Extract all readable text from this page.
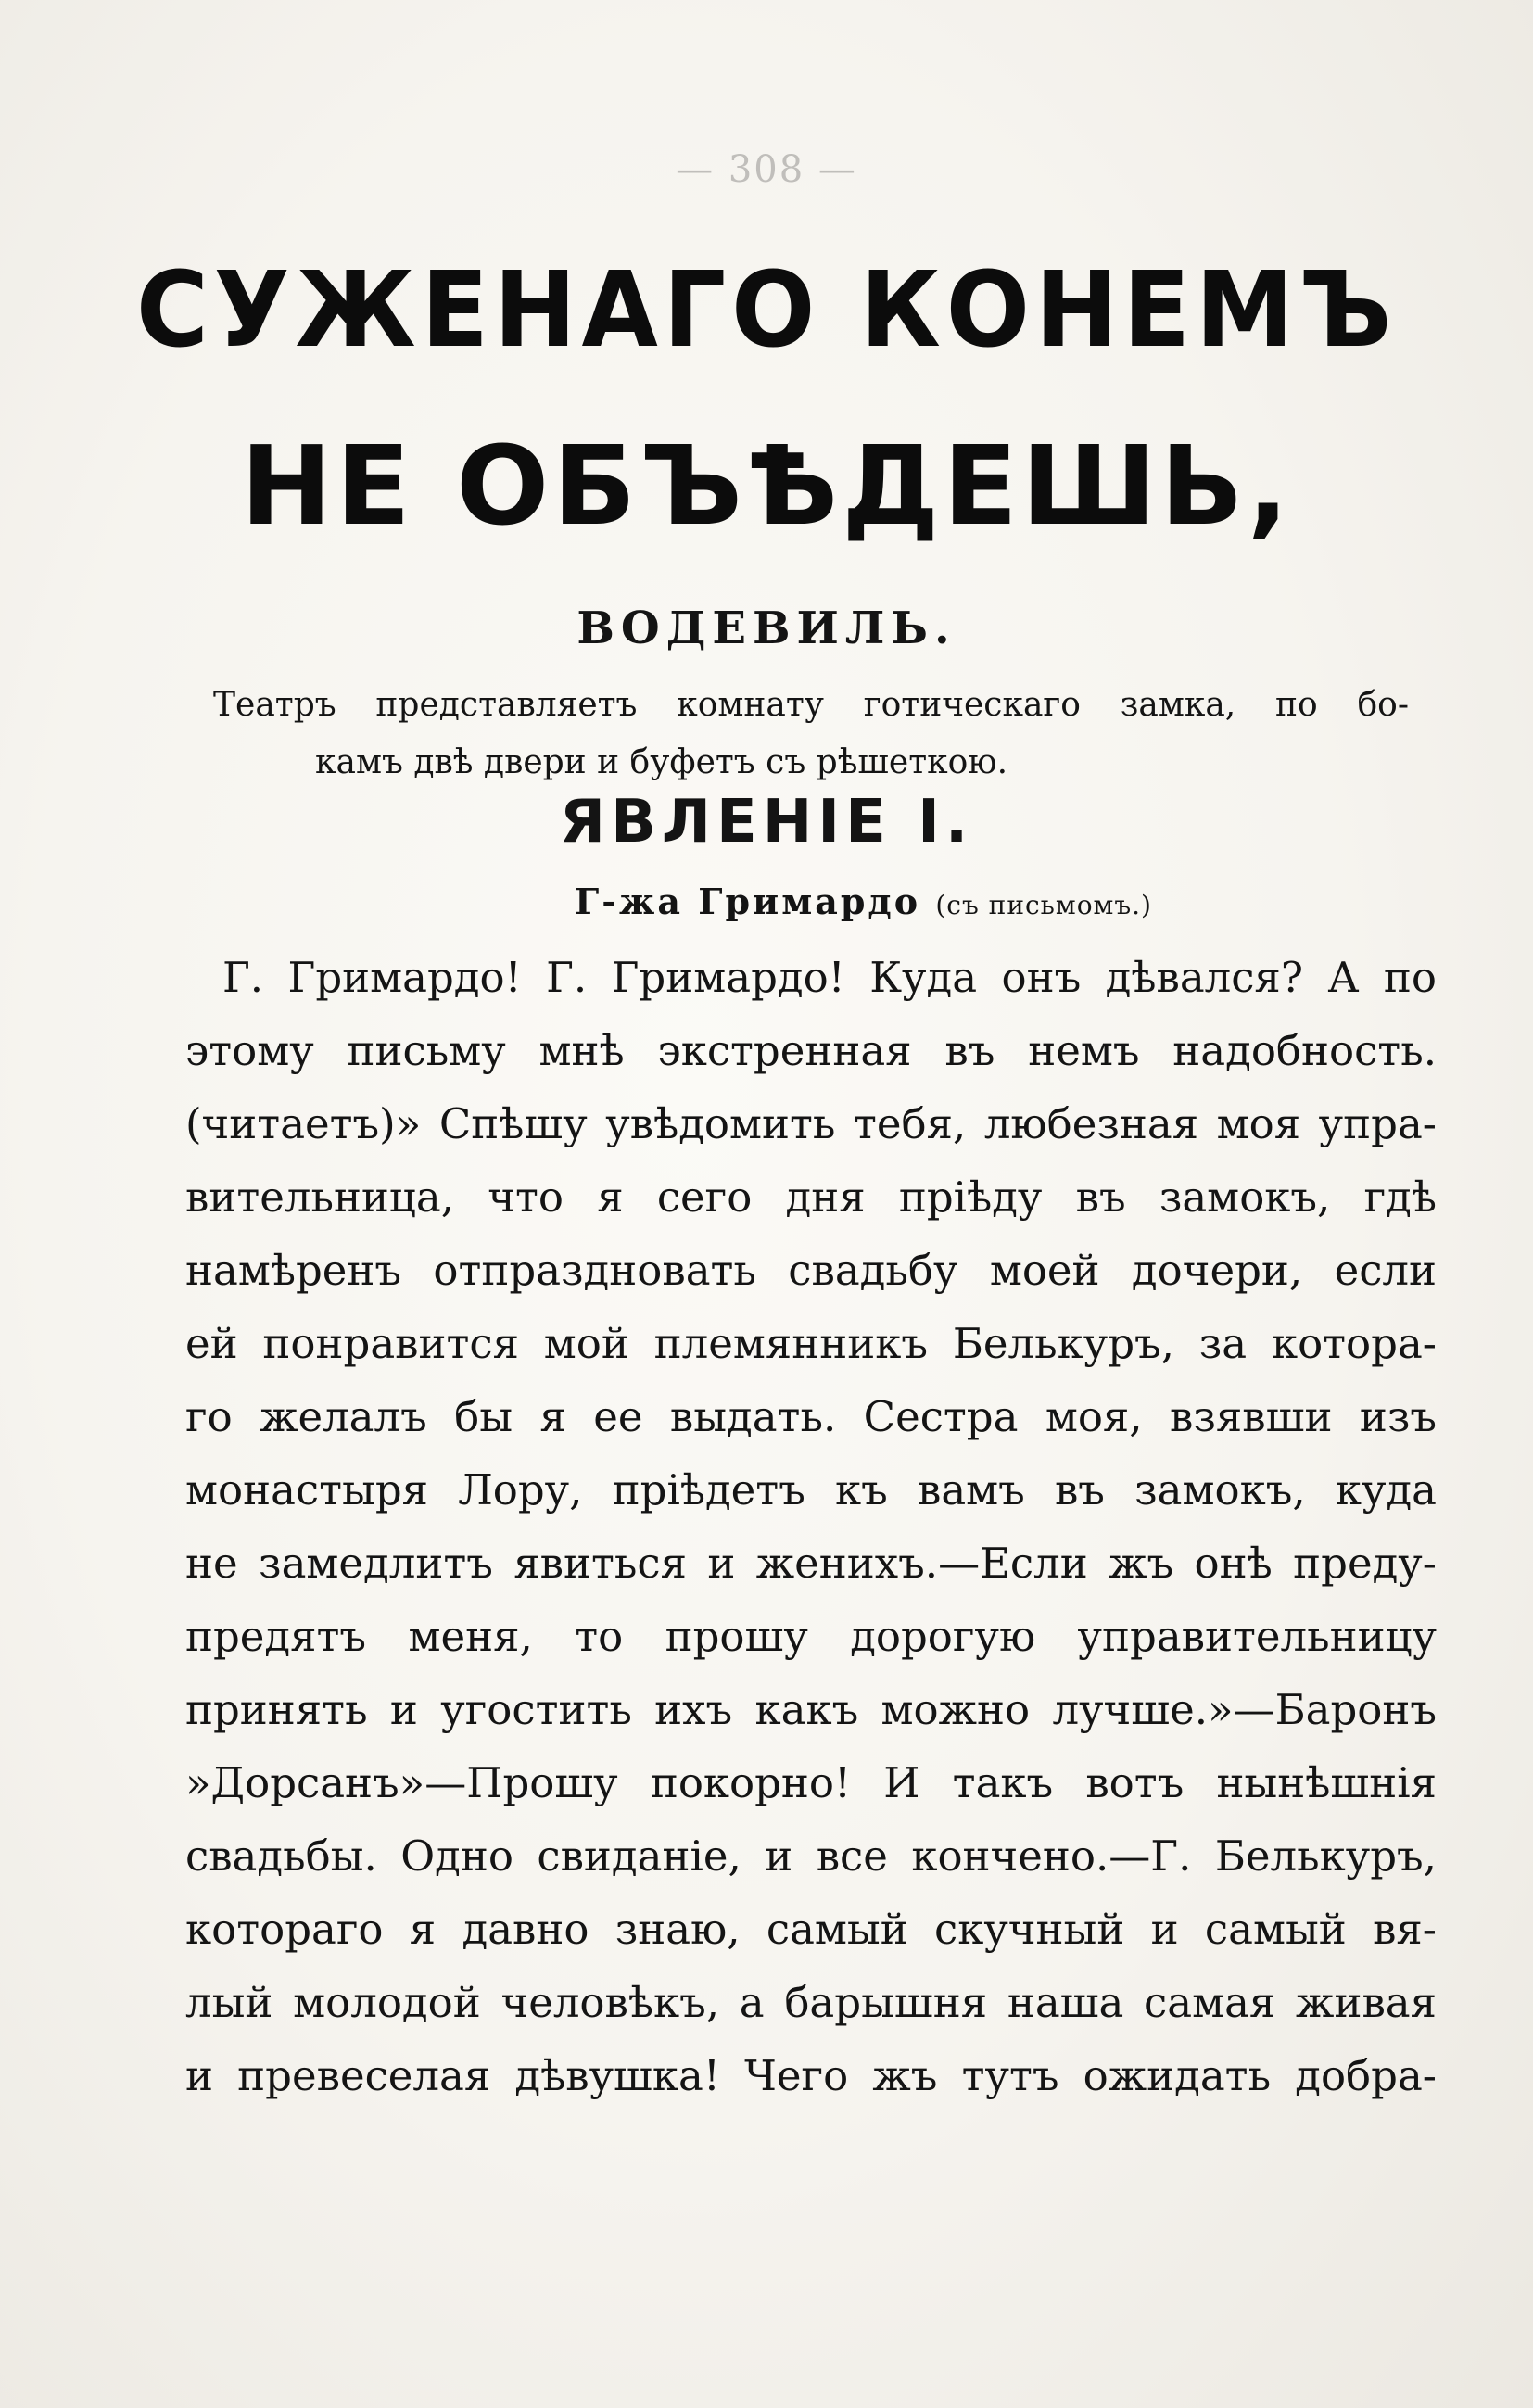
— 308 —
СУЖЕНАГО КОНЕМЪ
НЕ ОБЪѢДЕШЬ,
ВОДЕВИЛЬ.
Театръ представляетъ комнату готическаго замка, по бо-
камъ двѣ двери и буфетъ съ рѣшеткою.
ЯВЛЕНІЕ I.
Г-жа Гримардо (съ письмомъ.)
Г. Гримардо! Г. Гримардо! Куда онъ дѣвался? А по
этому письму мнѣ экстренная въ немъ надобность.
(читаетъ)» Спѣшу увѣдомить тебя, любезная моя упра-
вительница, что я сего дня пріѣду въ замокъ, гдѣ
намѣренъ отпраздновать свадьбу моей дочери, если
ей понравится мой племянникъ Белькуръ, за котора-
го желалъ бы я ее выдать. Сестра моя, взявши изъ
монастыря Лору, пріѣдетъ къ вамъ въ замокъ, куда
не замедлитъ явиться и женихъ.—Если жъ онѣ преду-
предятъ меня, то прошу дорогую управительницу
принять и угостить ихъ какъ можно лучше.»—Баронъ
»Дорсанъ»—Прошу покорно! И такъ вотъ нынѣшнія
свадьбы. Одно свиданіе, и все кончено.—Г. Белькуръ,
котораго я давно знаю, самый скучный и самый вя-
лый молодой человѣкъ, а барышня наша самая живая
и превеселая дѣвушка! Чего жъ тутъ ожидать добра-
